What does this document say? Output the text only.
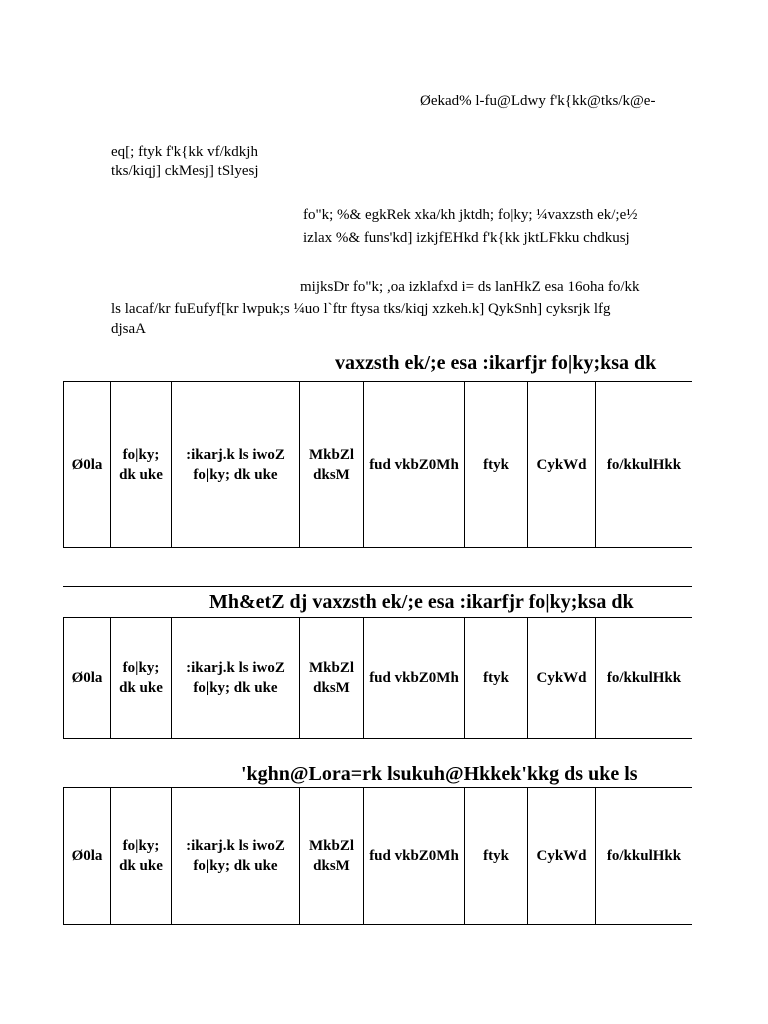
Øekad% l-fu@Ldwy f'k{kk@tks/k@e-
eq[; ftyk f'k{kk vf/kdkjh
tks/kiqj] ckMesj] tSlyesj
fo"k; %& egkRek xka/kh jktdh; fo|ky; ¼vaxzsth ek/;e½
izlax %& funs'kd] izkjfEHkd f'k{kk jktLFkku chdkusj
mijksDr fo"k; ,oa izklafxd i= ds lanHkZ esa 16oha fo/kk
ls lacaf/kr fuEufyf[kr lwpuk;s ¼uo l`ftr ftysa tks/kiqj xzkeh.k] QykSnh] cyksrjk lfg
djsaA
vaxzsth ek/;e esa :ikarfjr fo|ky;ksa dk
Ø0la	fo|ky; dk uke	:ikarj.k ls iwoZ fo|ky; dk uke	MkbZl dksM	fud vkbZ0Mh	ftyk	CykWd	fo/kkulHkk
Mh&etZ dj vaxzsth ek/;e esa :ikarfjr fo|ky;ksa dk
Ø0la	fo|ky; dk uke	:ikarj.k ls iwoZ fo|ky; dk uke	MkbZl dksM	fud vkbZ0Mh	ftyk	CykWd	fo/kkulHkk
'kghn@Lora=rk lsukuh@Hkkek'kkg ds uke ls
Ø0la	fo|ky; dk uke	:ikarj.k ls iwoZ fo|ky; dk uke	MkbZl dksM	fud vkbZ0Mh	ftyk	CykWd	fo/kkulHkk
